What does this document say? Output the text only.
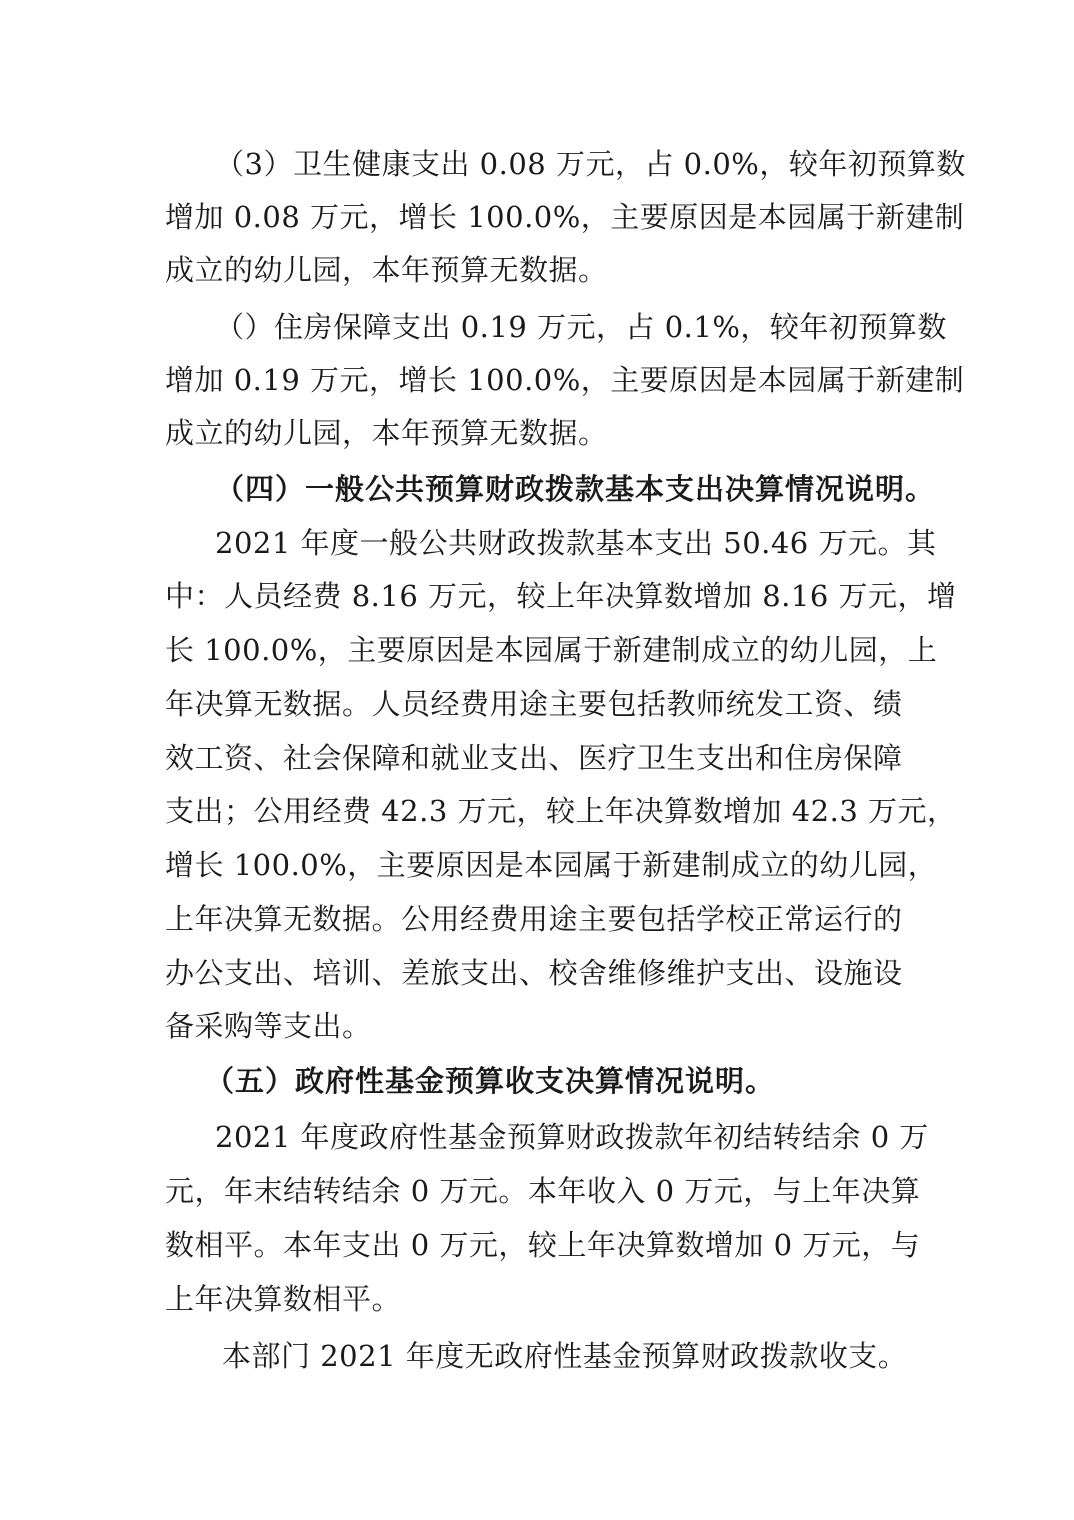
（3）卫生健康支出 0.08 万元，占 0.0%，较年初预算数
增加 0.08 万元，增长 100.0%，主要原因是本园属于新建制
成立的幼儿园，本年预算无数据。
（）住房保障支出 0.19 万元，占 0.1%，较年初预算数
增加 0.19 万元，增长 100.0%，主要原因是本园属于新建制
成立的幼儿园，本年预算无数据。
（四）一般公共预算财政拨款基本支出决算情况说明。
2021 年度一般公共财政拨款基本支出 50.46 万元。其
中：人员经费 8.16 万元，较上年决算数增加 8.16 万元，增
长 100.0%，主要原因是本园属于新建制成立的幼儿园，上
年决算无数据。人员经费用途主要包括教师统发工资、绩
效工资、社会保障和就业支出、医疗卫生支出和住房保障
支出；公用经费 42.3 万元，较上年决算数增加 42.3 万元，
增长 100.0%，主要原因是本园属于新建制成立的幼儿园，
上年决算无数据。公用经费用途主要包括学校正常运行的
办公支出、培训、差旅支出、校舍维修维护支出、设施设
备采购等支出。
（五）政府性基金预算收支决算情况说明。
2021 年度政府性基金预算财政拨款年初结转结余 0 万
元，年末结转结余 0 万元。本年收入 0 万元，与上年决算
数相平。本年支出 0 万元，较上年决算数增加 0 万元，与
上年决算数相平。
本部门 2021 年度无政府性基金预算财政拨款收支。
